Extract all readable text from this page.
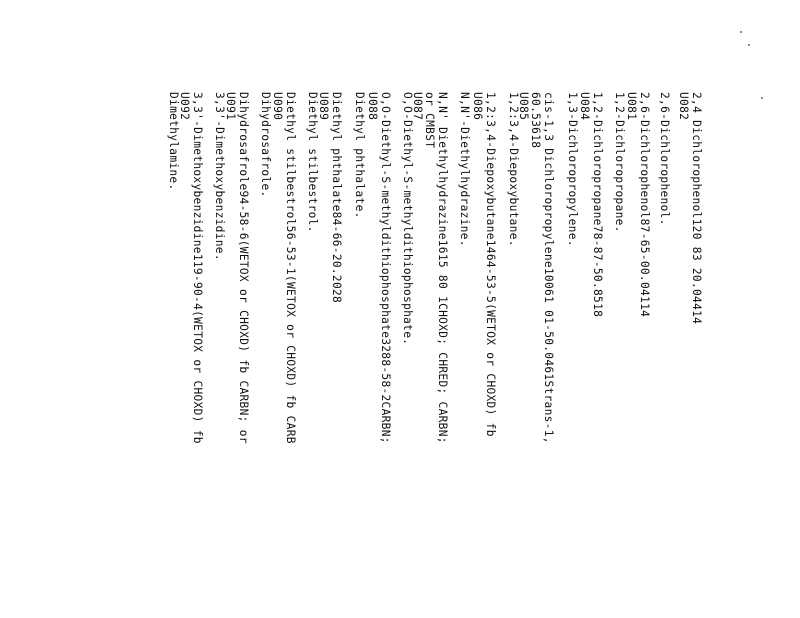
2,4 Dichlorophenol120 83 20.04414
U082
2,6-Dichlorophenol.
2,6-Dichlorophenol87-65-00.04114
U081
1,2-Dichloropropane.
1,2-Dichloropropane78-87-50.8518
U084
1,3-Dichloropropylene.
cis-1,3 Dichloropropylene10061 01-50.0461Strans-1,
60.53618
U085
1,2:3,4-Diepoxybutane.
1,2:3,4-Diepoxybutane1464-53-5(WETOX or CHOXD) fb
U086
N,N'-Diethylhydrazine.
N,N' Diethylhydrazine1615 80 1CHOXD; CHRED; CARBN;
or CMBST
U087
O,O-Diethyl-S-methyldithiophosphate.
O,O-Diethyl-S-methyldithiophosphate3288-58-2CARBN;
U088
Diethyl phthalate.
Diethyl phthalate84-66-20.2028
U089
Diethyl stilbestrol.
Diethyl stilbestrol56-53-1(WETOX or CHOXD) fb CARB
U090
Dihydrosafrole.
Dihydrosafrole94-58-6(WETOX or CHOXD) fb CARBN; or
U091
3,3'-Dimethoxybenzidine.
3,3'-Dimethoxybenzidine119-90-4(WETOX or CHOXD) fb
U092
Dimethylamine.
